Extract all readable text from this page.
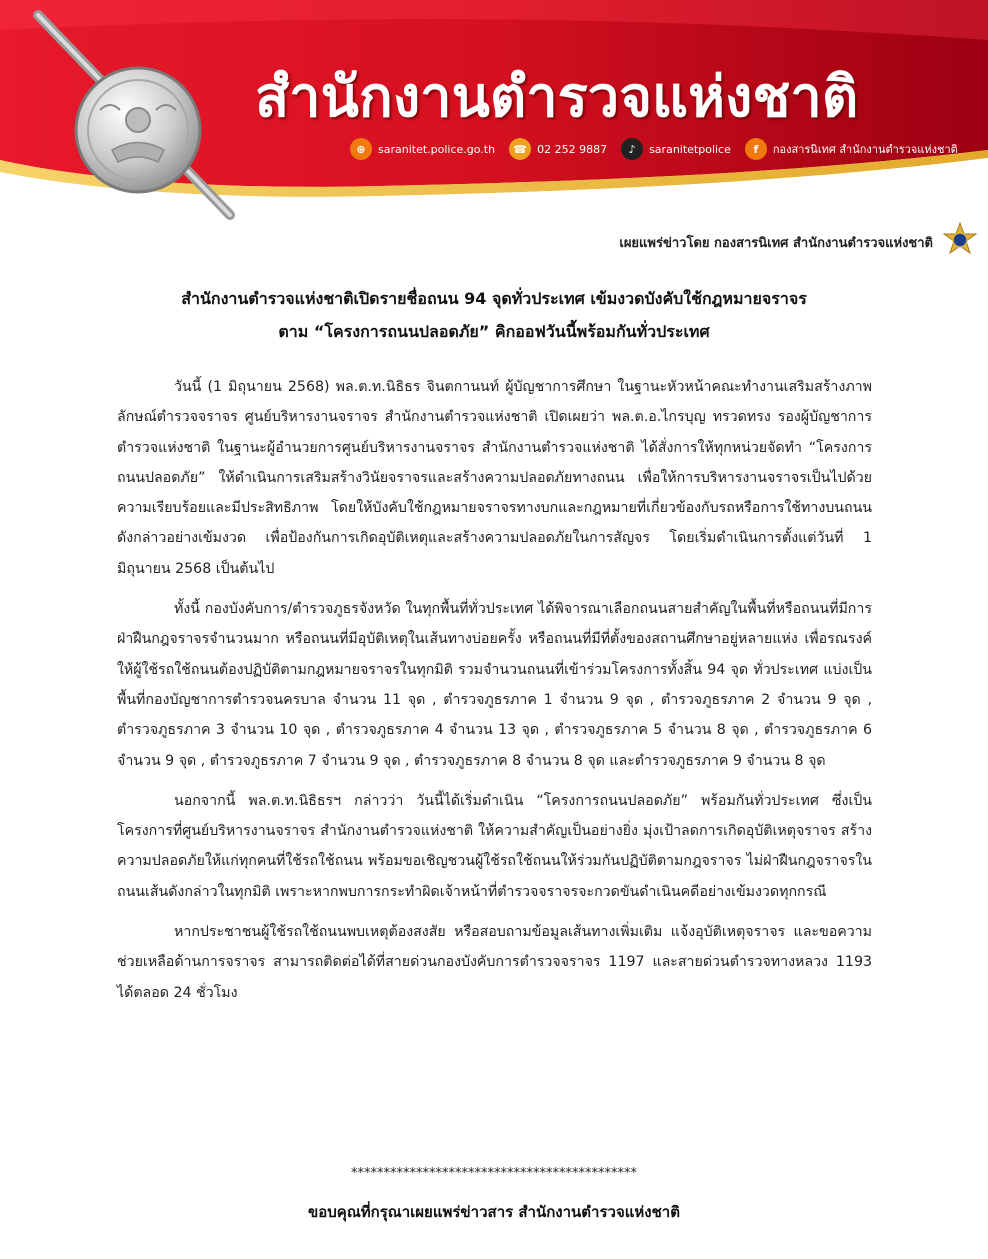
สำนักงานตำรวจแห่งชาติ
⊕	saranitet.police.go.th	☎ 02 252 9887	♪	saranitetpolice	f	กองสารนิเทศ สำนักงานตำรวจแห่งชาติ
เผยแพร่ข่าวโดย กองสารนิเทศ สำนักงานตำรวจแห่งชาติ
สำนักงานตำรวจแห่งชาติเปิดรายชื่อถนน 94 จุดทั่วประเทศ เข้มงวดบังคับใช้กฎหมายจราจร
ตาม “โครงการถนนปลอดภัย” คิกออฟวันนี้พร้อมกันทั่วประเทศ

วันนี้ (1 มิถุนายน 2568) พล.ต.ท.นิธิธร จินตกานนท์ ผู้บัญชาการศึกษา ในฐานะหัวหน้าคณะทำงานเสริมสร้างภาพลักษณ์ตำรวจจราจร ศูนย์บริหารงานจราจร สำนักงานตำรวจแห่งชาติ เปิดเผยว่า พล.ต.อ.ไกรบุญ ทรวดทรง รองผู้บัญชาการตำรวจแห่งชาติ ในฐานะผู้อำนวยการศูนย์บริหารงานจราจร สำนักงานตำรวจแห่งชาติ ได้สั่งการให้ทุกหน่วยจัดทำ “โครงการถนนปลอดภัย” ให้ดำเนินการเสริมสร้างวินัยจราจรและสร้างความปลอดภัยทางถนน เพื่อให้การบริหารงานจราจรเป็นไปด้วยความเรียบร้อยและมีประสิทธิภาพ โดยให้บังคับใช้กฎหมายจราจรทางบกและกฎหมายที่เกี่ยวข้องกับรถหรือการใช้ทางบนถนนดังกล่าวอย่างเข้มงวด เพื่อป้องกันการเกิดอุบัติเหตุและสร้างความปลอดภัยในการสัญจร โดยเริ่มดำเนินการตั้งแต่วันที่ 1 มิถุนายน 2568 เป็นต้นไป

ทั้งนี้ กองบังคับการ/ตำรวจภูธรจังหวัด ในทุกพื้นที่ทั่วประเทศ ได้พิจารณาเลือกถนนสายสำคัญในพื้นที่หรือถนนที่มีการฝ่าฝืนกฎจราจรจำนวนมาก หรือถนนที่มีอุบัติเหตุในเส้นทางบ่อยครั้ง หรือถนนที่มีที่ตั้งของสถานศึกษาอยู่หลายแห่ง เพื่อรณรงค์ให้ผู้ใช้รถใช้ถนนต้องปฏิบัติตามกฎหมายจราจรในทุกมิติ รวมจำนวนถนนที่เข้าร่วมโครงการทั้งสิ้น 94 จุด ทั่วประเทศ แบ่งเป็น พื้นที่กองบัญชาการตำรวจนครบาล จำนวน 11 จุด , ตำรวจภูธรภาค 1 จำนวน 9 จุด , ตำรวจภูธรภาค 2 จำนวน 9 จุด , ตำรวจภูธรภาค 3 จำนวน 10 จุด , ตำรวจภูธรภาค 4 จำนวน 13 จุด , ตำรวจภูธรภาค 5 จำนวน 8 จุด , ตำรวจภูธรภาค 6 จำนวน 9 จุด , ตำรวจภูธรภาค 7 จำนวน 9 จุด , ตำรวจภูธรภาค 8 จำนวน 8 จุด และตำรวจภูธรภาค 9 จำนวน 8 จุด

นอกจากนี้ พล.ต.ท.นิธิธรฯ กล่าวว่า วันนี้ได้เริ่มดำเนิน “โครงการถนนปลอดภัย” พร้อมกันทั่วประเทศ ซึ่งเป็นโครงการที่ศูนย์บริหารงานจราจร สำนักงานตำรวจแห่งชาติ ให้ความสำคัญเป็นอย่างยิ่ง มุ่งเป้าลดการเกิดอุบัติเหตุจราจร สร้างความปลอดภัยให้แก่ทุกคนที่ใช้รถใช้ถนน พร้อมขอเชิญชวนผู้ใช้รถใช้ถนนให้ร่วมกันปฏิบัติตามกฎจราจร ไม่ฝ่าฝืนกฎจราจรในถนนเส้นดังกล่าวในทุกมิติ เพราะหากพบการกระทำผิดเจ้าหน้าที่ตำรวจจราจรจะกวดขันดำเนินคดีอย่างเข้มงวดทุกกรณี

หากประชาชนผู้ใช้รถใช้ถนนพบเหตุต้องสงสัย หรือสอบถามข้อมูลเส้นทางเพิ่มเติม แจ้งอุบัติเหตุจราจร และขอความช่วยเหลือด้านการจราจร สามารถติดต่อได้ที่สายด่วนกองบังคับการตำรวจจราจร 1197 และสายด่วนตำรวจทางหลวง 1193 ได้ตลอด 24 ชั่วโมง

********************************************
ขอบคุณที่กรุณาเผยแพร่ข่าวสาร สำนักงานตำรวจแห่งชาติ
